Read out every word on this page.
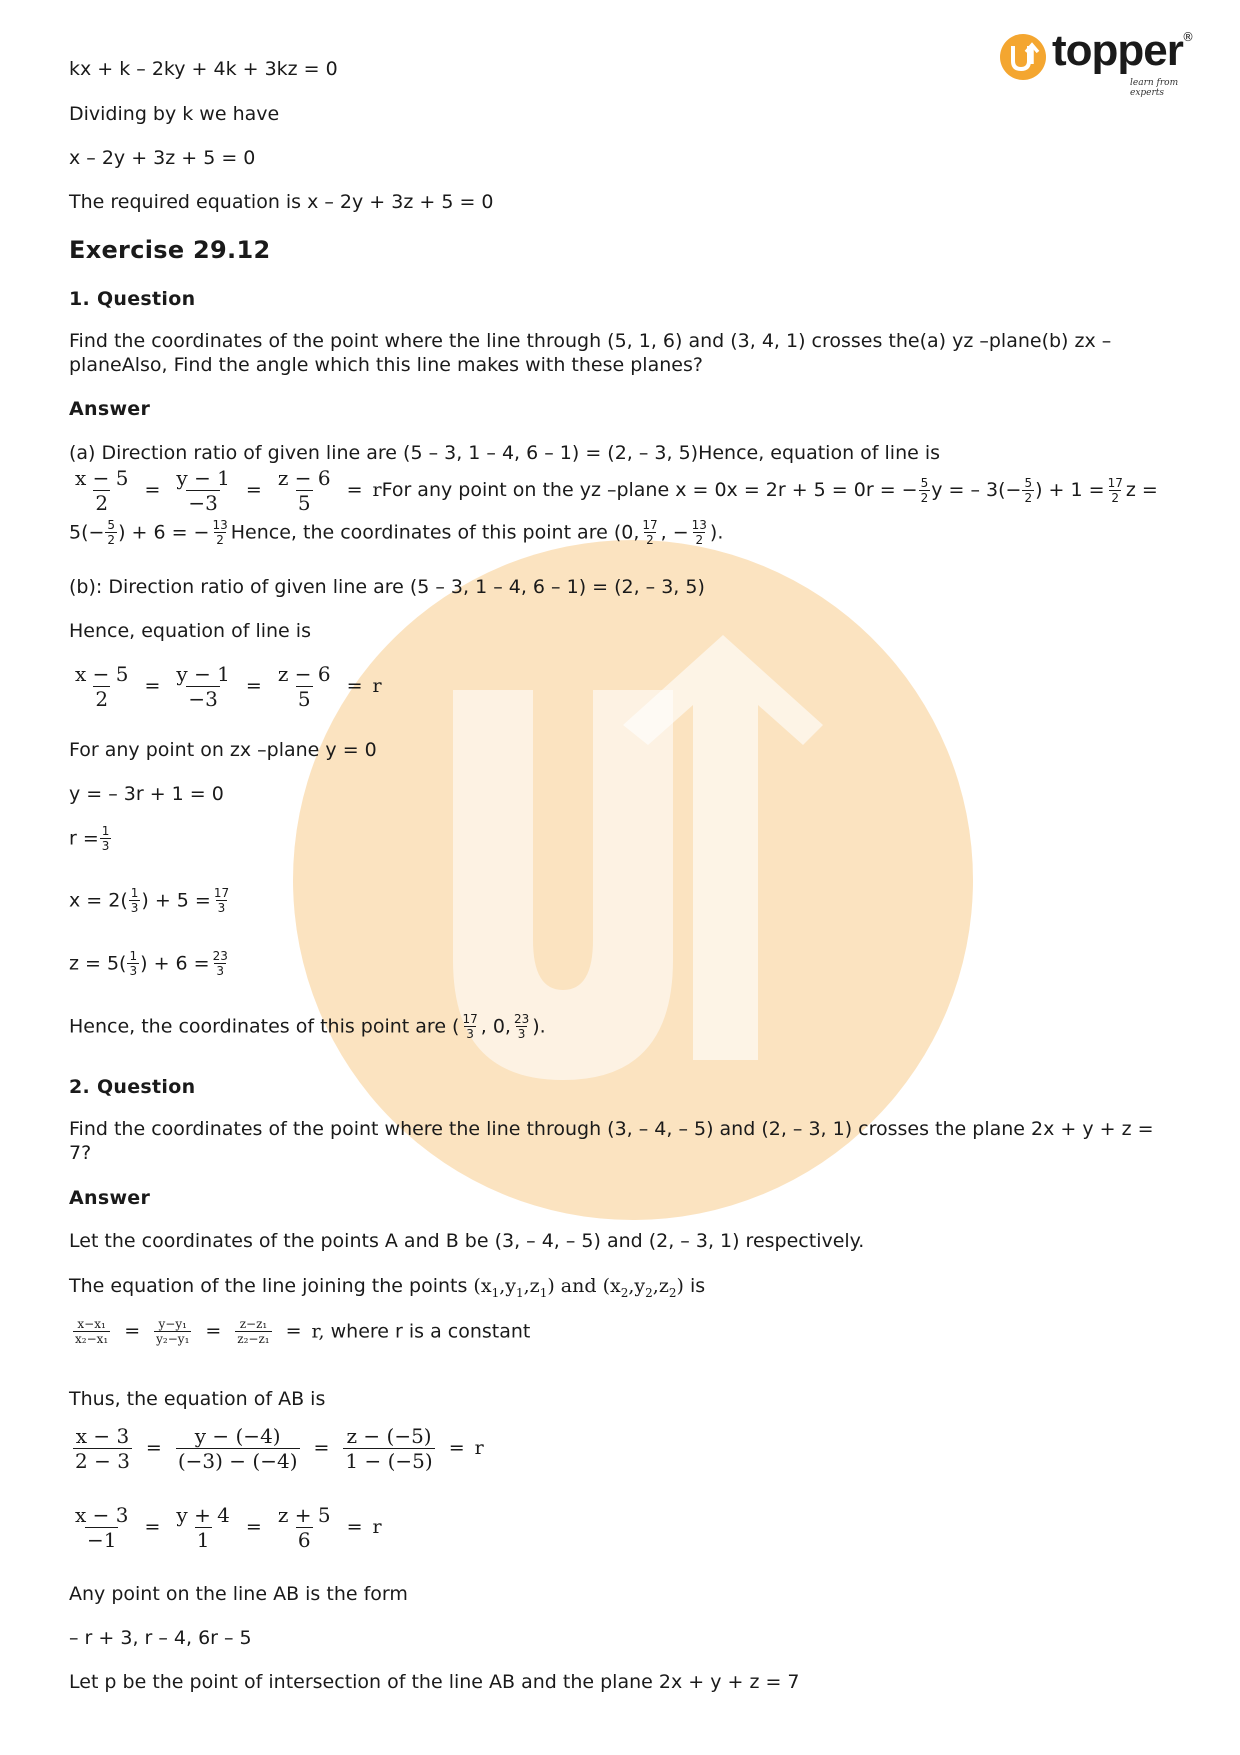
topper ®
learn from experts
kx + k – 2ky + 4k + 3kz = 0
Dividing by k we have
x – 2y + 3z + 5 = 0
The required equation is x – 2y + 3z + 5 = 0
Exercise 29.12
1. Question
Find the coordinates of the point where the line through (5, 1, 6) and (3, 4, 1) crosses the(a) yz –plane(b) zx –planeAlso, Find the angle which this line makes with these planes?
Answer
(a) Direction ratio of given line are (5 – 3, 1 – 4, 6 – 1) = (2, – 3, 5)Hence, equation of line is
$\frac{x - 5}{2} = \frac{y - 1}{-3} = \frac{z - 6}{5}$ = rFor any point on the yz –plane x = 0x = 2r + 5 = 0r = − $\frac{5}{2}$ y = – $3(- \frac{5}{2}$ ) + $1 = \frac{17}{2}$ z =
$5(- \frac{5}{2}$ ) + 6 = − $\frac{13}{2}$ Hence, the coordinates of this point are (0, $\frac{17}{2}$ , − $\frac{13}{2}$ ).
(b): Direction ratio of given line are (5 – 3, 1 – 4, 6 – 1) = (2, – 3, 5)
Hence, equation of line is
$\frac{x - 5}{2} = \frac{y - 1}{-3} = \frac{z - 6}{5} = r$
For any point on zx –plane y = 0
y = – 3r + 1 = 0
$r = \frac{1}{3}$
$x = 2( \frac{1}{3}$ ) + $5 = \frac{17}{3}$
$z = 5( \frac{1}{3}$ ) + $6 = \frac{23}{3}$
Hence, the coordinates of this point are ( $\frac{17}{3}$ , 0, $\frac{23}{3}$ ).
2. Question
Find the coordinates of the point where the line through (3, – 4, – 5) and (2, – 3, 1) crosses the plane 2x + y + z = 7?
Answer
Let the coordinates of the points A and B be (3, – 4, – 5) and (2, – 3, 1) respectively.
The equation of the line joining the points $(x_1,y_1,z_1)$ and $(x_2,y_2,z_2)$ is
$\frac{\text{x−x₁}}{\text{x₂−x₁}} = \frac{\text{y−y₁}}{\text{y₂−y₁}} = \frac{\text{z−z₁}}{\text{z₂−z₁}} = r$, where r is a constant
Thus, the equation of AB is
$\frac{x - 3}{2 - 3} = \frac{y - (-4)}{(-3) - (-4)} = \frac{z - (-5)}{1 - (-5)} = r$
$\frac{x - 3}{-1} = \frac{y + 4}{1} = \frac{z + 5}{6} = r$
Any point on the line AB is the form
– r + 3, r – 4, 6r – 5
Let p be the point of intersection of the line AB and the plane 2x + y + z = 7
